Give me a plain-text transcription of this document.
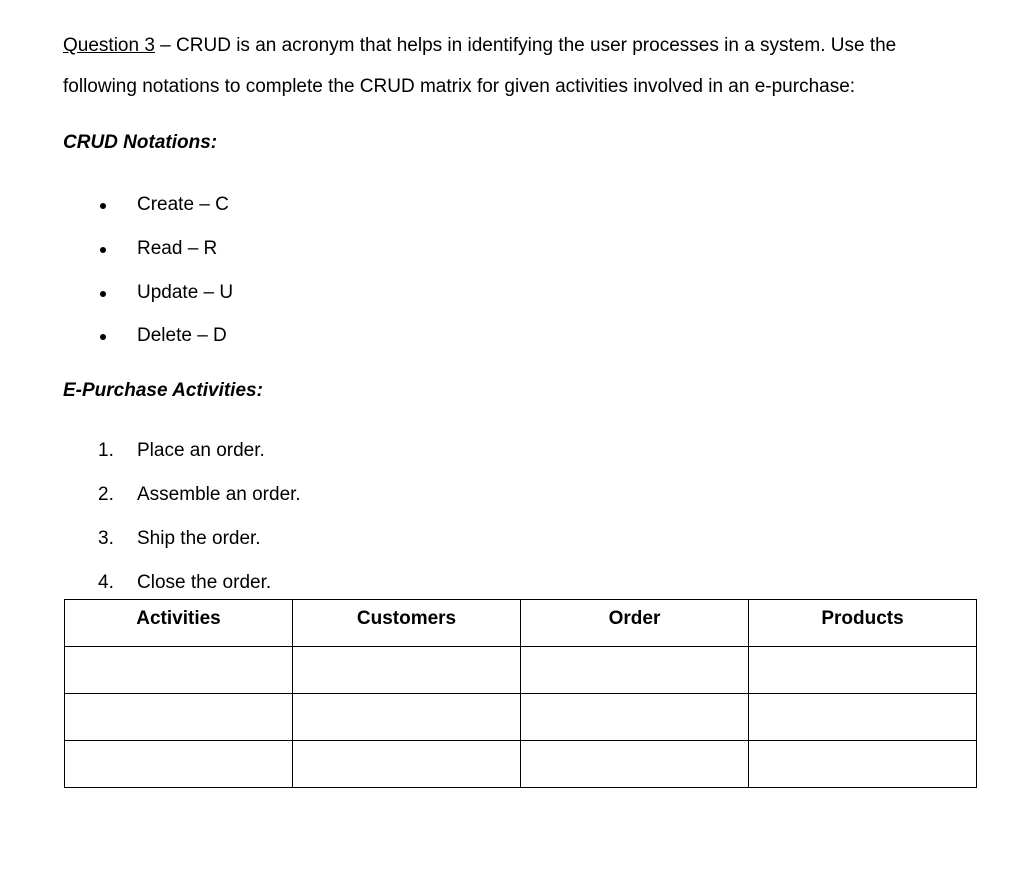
Question 3 – CRUD is an acronym that helps in identifying the user processes in a system. Use the
following notations to complete the CRUD matrix for given activities involved in an e-purchase:
CRUD Notations:
Create – C
Read – R
Update – U
Delete – D
E-Purchase Activities:
1. Place an order.
2. Assemble an order.
3. Ship the order.
4. Close the order.
Activities	Customers	Order	Products
